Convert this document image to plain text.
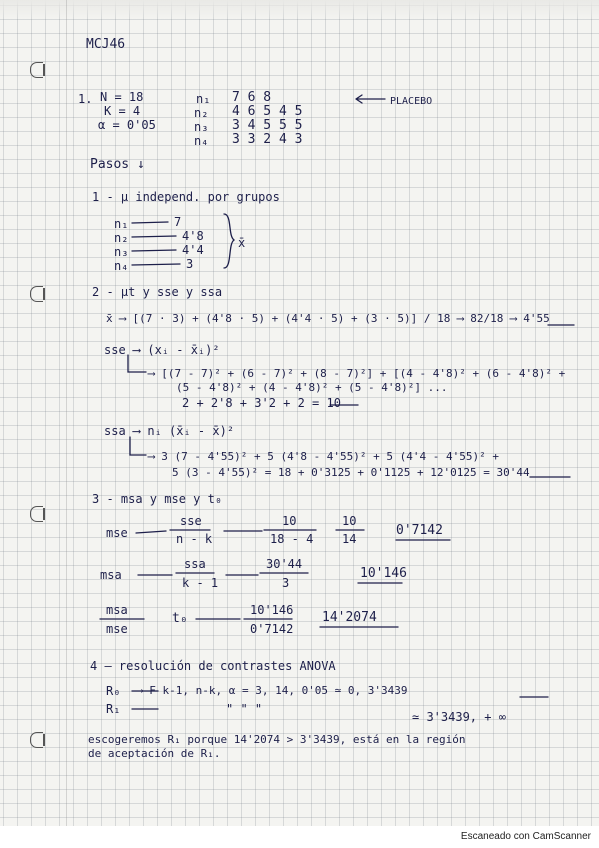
MCJ46
1. N = 18
K = 4
α = 0'05
n₁ 7 6 8
n₂ 4 6 5 4 5
n₃ 3 4 5 5 5
n₄ 3 3 2 4 3
PLACEBO
Pasos ↓
1 - μ independ. por grupos
n₁
n₂
n₃
n₄
7
4'8
4'4
3
x̄
2 - μt y sse y ssa
x̄ ⟶ [(7 · 3) + (4'8 · 5) + (4'4 · 5) + (3 · 5)] / 18 ⟶ 82/18 ⟶ 4'55
sse ⟶ (xᵢ - x̄ᵢ)²
⟶ [(7 - 7)² + (6 - 7)² + (8 - 7)²] + [(4 - 4'8)² + (6 - 4'8)² +
(5 - 4'8)² + (4 - 4'8)² + (5 - 4'8)²] ...
2 + 2'8 + 3'2 + 2 = 10
ssa ⟶ nᵢ (x̄ᵢ - x̄)²
⟶ 3 (7 - 4'55)² + 5 (4'8 - 4'55)² + 5 (4'4 - 4'55)² +
5 (3 - 4'55)² = 18 + 0'3125 + 0'1125 + 12'0125 = 30'44
3 - msa y mse y t₀
mse
sse
n - k
10
18 - 4
10
14
0'7142
msa
ssa
k - 1
30'44
3
10'146
msa
mse
t₀
10'146
0'7142
14'2074
4 — resolución de contrastes ANOVA
R₀ ⟶ F k-1, n-k, α = 3, 14, 0'05 ≃ 0, 3'3439
R₁	" " "
≃ 3'3439, + ∞
escogeremos R₁ porque 14'2074 > 3'3439, está en la región
de aceptación de R₁.
Escaneado con CamScanner
